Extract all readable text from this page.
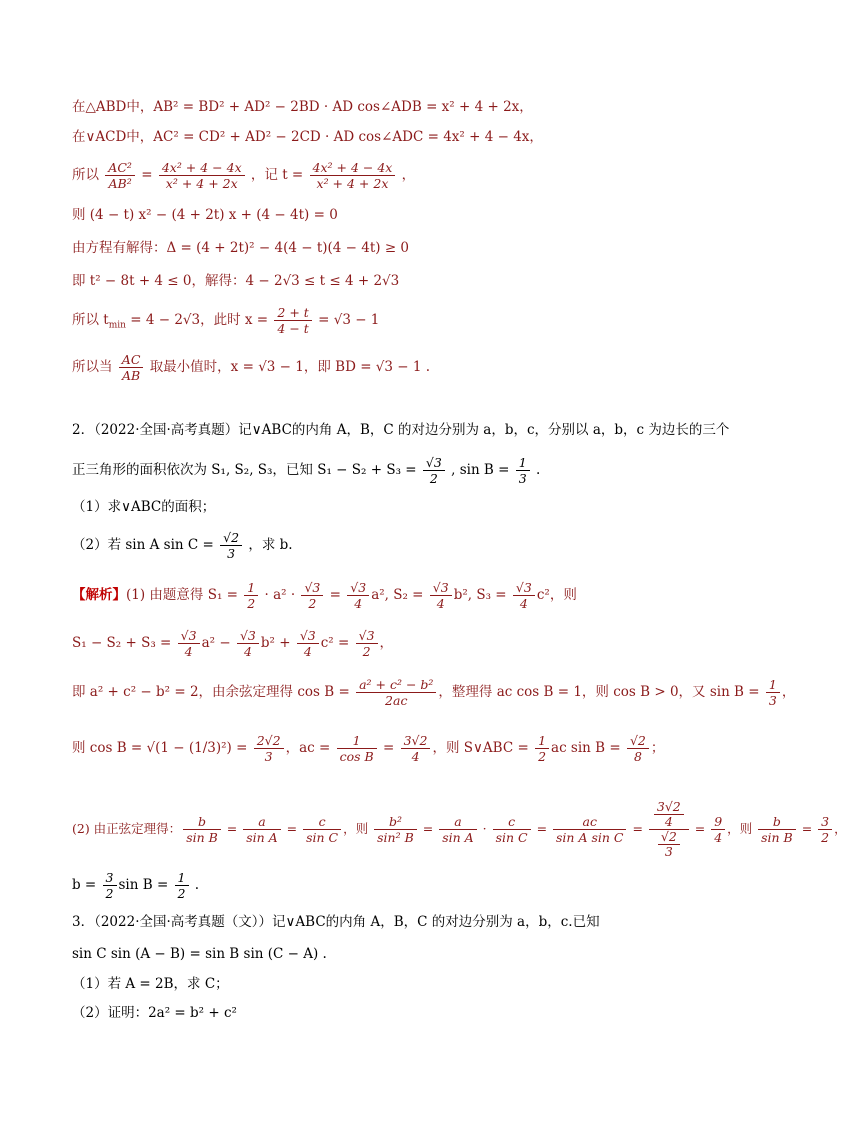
在△ABD中，AB² = BD² + AD² − 2BD · AD cos∠ADB = x² + 4 + 2x，
在∨ACD中，AC² = CD² + AD² − 2CD · AD cos∠ADC = 4x² + 4 − 4x，
所以 $\frac{\text{AC²}}{\text{AB²}} = \frac{\text{4x² + 4 − 4x}}{\text{x² + 4 + 2x}}$ ，记 $t = \frac{\text{4x² + 4 − 4x}}{\text{x² + 4 + 2x}}$ ，
则 (4 − t) x² − (4 + 2t) x + (4 − 4t) = 0
由方程有解得：Δ = (4 + 2t)² − 4(4 − t)(4 − 4t) ≥ 0
即 t² − 8t + 4 ≤ 0，解得：4 − 2√3 ≤ t ≤ 4 + 2√3
所以 $t_{min} = 4 - 2√3$，此时 $x = \frac{2 + t}{4 - t} = √3 - 1$
所以当 $\frac{AC}{AB}$ 取最小值时，x = √3 − 1，即 BD = √3 − 1 .
2．（2022·全国·高考真题）记∨ABC的内角 A，B，C 的对边分别为 a，b，c，分别以 a，b，c 为边长的三个
正三角形的面积依次为 S₁, S₂, S₃，已知 $S_1 - S_2 + S_3 = \frac{√3}{2}$ , $\sin B = \frac{1}{3}$ .
（1）求∨ABC的面积；
（2）若 sin A $\sin C = \frac{√2}{3}$ ，求 b.
【解析】(1) 由题意得 $S_1 = \frac{1}{2} \cdot a^2 \cdot \frac{√3}{2} = \frac{√3}{4} a^2$, $S_2 = \frac{√3}{4} b^2$, $S_3 = \frac{√3}{4} c^2$，则
$S_1 - S_2 + S_3 = \frac{√3}{4} a^2 - \frac{√3}{4} b^2 + \frac{√3}{4} c^2 = \frac{√3}{2}$ ，
即 a² + c² − b² = 2，由余弦定理得 $\cos B = \frac{\text{a² + c² − b²}}{2ac}$ ，整理得 ac cos B = 1，则 cos B > 0，又 $\sin B = \frac{1}{3}$ ，
则 $\cos B = √(1 - (1/3)^2) = \frac{2√2}{3}$ ，ac = $\frac{1}{\text{cos B}} = \frac{3√2}{4}$ ，则 S∨ABC = $\frac{1}{2}$ ac $\sin B = \frac{√2}{8}$ ；
(2) 由正弦定理得： $\frac{b}{\text{sin B}} = \frac{a}{\text{sin A}} = \frac{c}{\text{sin C}}$ ，则 $\frac{\text{b²}}{\text{sin² B}} = \frac{a}{\text{sin A}} \cdot \frac{c}{\text{sin C}} = \frac{ac}{\text{sin A sin C}} = \frac{\frac{3√2}{4}}{\frac{√2}{3}} = \frac{9}{4}$ ，则 $\frac{b}{\text{sin B}} = \frac{3}{2}$ ，
$b = \frac{3}{2}$ $\sin B = \frac{1}{2}$ .
3．（2022·全国·高考真题（文））记∨ABC的内角 A，B，C 的对边分别为 a，b，c.已知
sin C sin (A − B) = sin B sin (C − A) .
（1）若 A = 2B，求 C；
（2）证明：2a² = b² + c²
